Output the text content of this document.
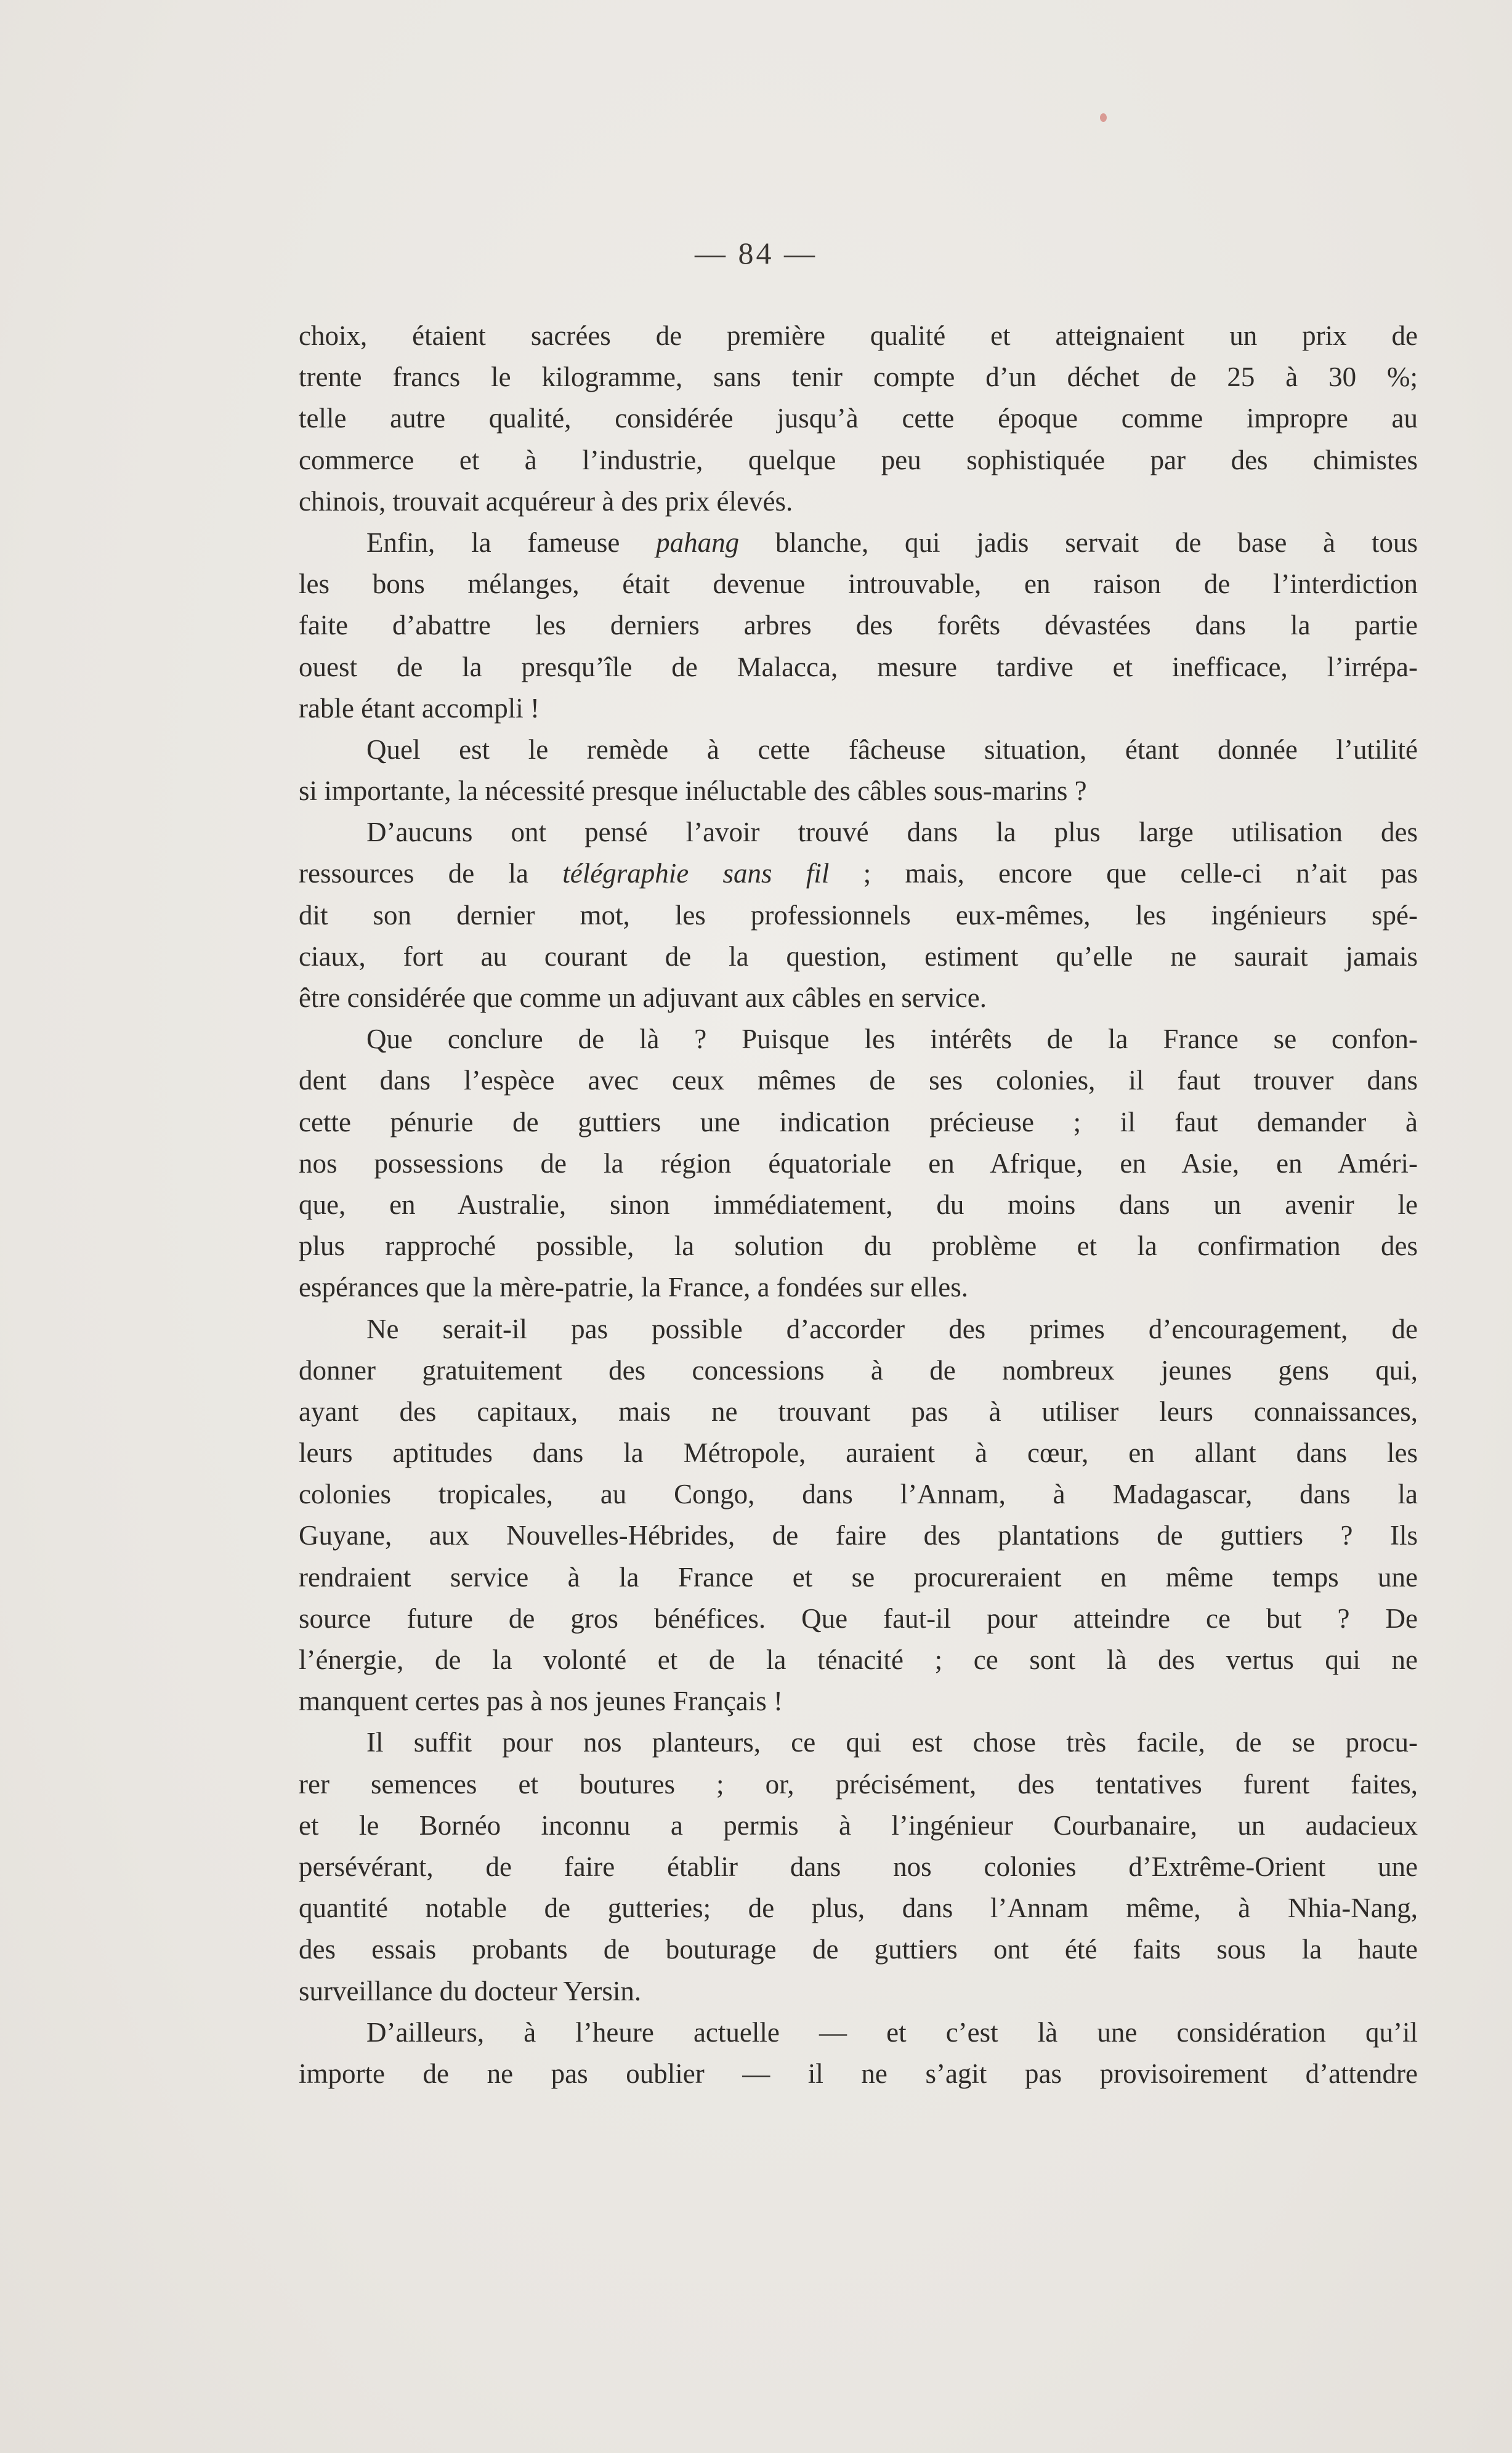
— 84 —
choix, étaient sacrées de première qualité et atteignaient un prix de
trente francs le kilogramme, sans tenir compte d’un déchet de 25 à 30 %;
telle autre qualité, considérée jusqu’à cette époque comme impropre au
commerce et à l’industrie, quelque peu sophistiquée par des chimistes
chinois, trouvait acquéreur à des prix élevés.
Enfin, la fameuse pahang blanche, qui jadis servait de base à tous
les bons mélanges, était devenue introuvable, en raison de l’interdiction
faite d’abattre les derniers arbres des forêts dévastées dans la partie
ouest de la presqu’île de Malacca, mesure tardive et inefficace, l’irrépa-
rable étant accompli !
Quel est le remède à cette fâcheuse situation, étant donnée l’utilité
si importante, la nécessité presque inéluctable des câbles sous-marins ?
D’aucuns ont pensé l’avoir trouvé dans la plus large utilisation des
ressources de la télégraphie sans fil ; mais, encore que celle-ci n’ait pas
dit son dernier mot, les professionnels eux-mêmes, les ingénieurs spé-
ciaux, fort au courant de la question, estiment qu’elle ne saurait jamais
être considérée que comme un adjuvant aux câbles en service.
Que conclure de là ? Puisque les intérêts de la France se confon-
dent dans l’espèce avec ceux mêmes de ses colonies, il faut trouver dans
cette pénurie de guttiers une indication précieuse ; il faut demander à
nos possessions de la région équatoriale en Afrique, en Asie, en Améri-
que, en Australie, sinon immédiatement, du moins dans un avenir le
plus rapproché possible, la solution du problème et la confirmation des
espérances que la mère-patrie, la France, a fondées sur elles.
Ne serait-il pas possible d’accorder des primes d’encouragement, de
donner gratuitement des concessions à de nombreux jeunes gens qui,
ayant des capitaux, mais ne trouvant pas à utiliser leurs connaissances,
leurs aptitudes dans la Métropole, auraient à cœur, en allant dans les
colonies tropicales, au Congo, dans l’Annam, à Madagascar, dans la
Guyane, aux Nouvelles-Hébrides, de faire des plantations de guttiers ? Ils
rendraient service à la France et se procureraient en même temps une
source future de gros bénéfices. Que faut-il pour atteindre ce but ? De
l’énergie, de la volonté et de la ténacité ; ce sont là des vertus qui ne
manquent certes pas à nos jeunes Français !
Il suffit pour nos planteurs, ce qui est chose très facile, de se procu-
rer semences et boutures ; or, précisément, des tentatives furent faites,
et le Bornéo inconnu a permis à l’ingénieur Courbanaire, un audacieux
persévérant, de faire établir dans nos colonies d’Extrême-Orient une
quantité notable de gutteries; de plus, dans l’Annam même, à Nhia-Nang,
des essais probants de bouturage de guttiers ont été faits sous la haute
surveillance du docteur Yersin.
D’ailleurs, à l’heure actuelle — et c’est là une considération qu’il
importe de ne pas oublier — il ne s’agit pas provisoirement d’attendre
